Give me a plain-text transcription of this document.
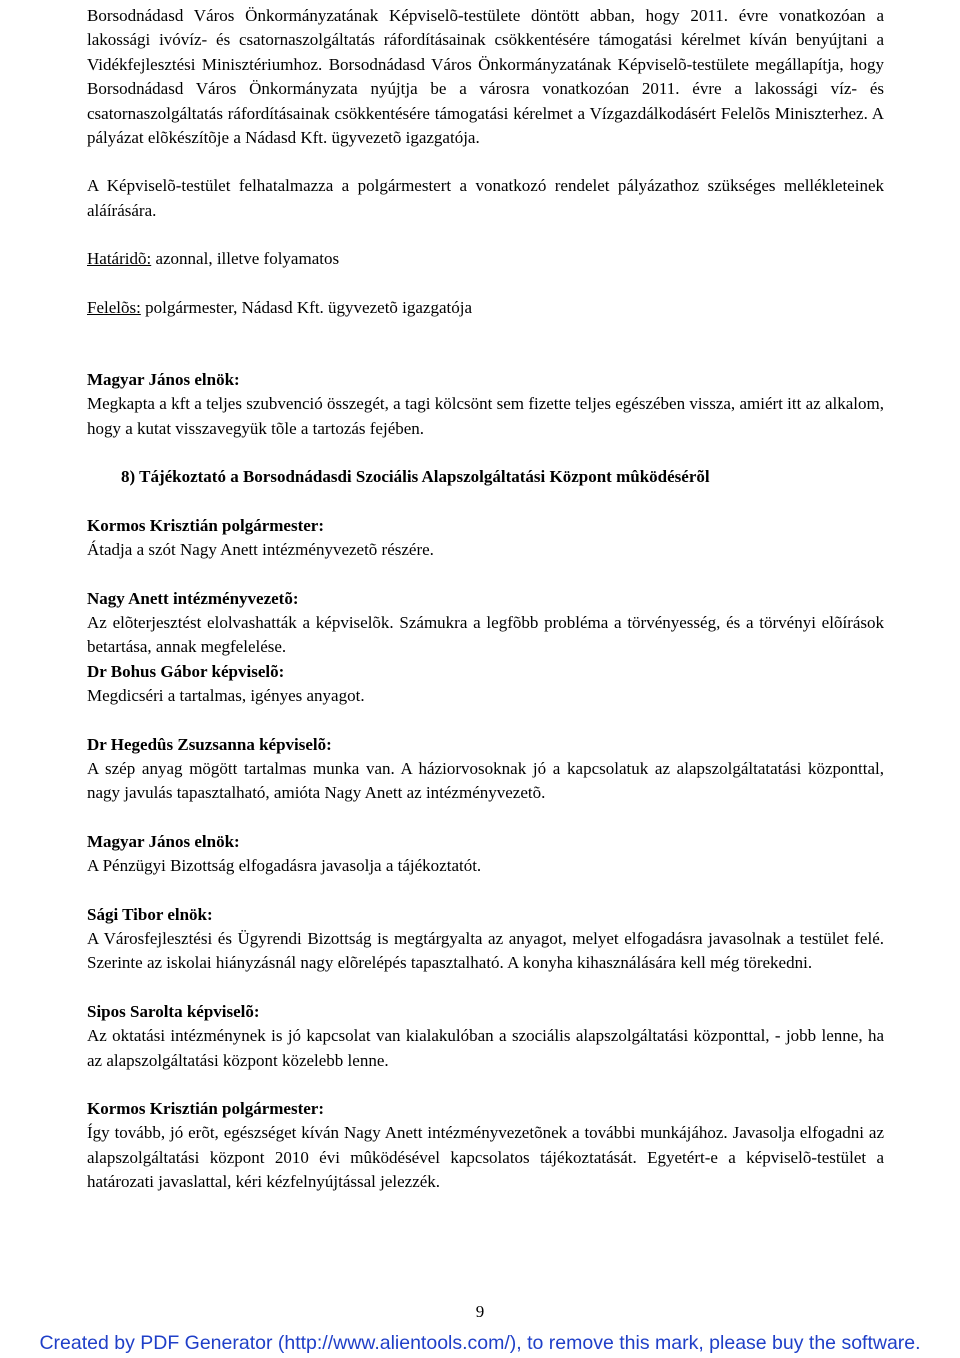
Borsodnádasd Város Önkormányzatának Képviselõ-testülete döntött abban, hogy 2011. évre vonatkozóan a lakossági ivóvíz- és csatornaszolgáltatás ráfordításainak csökkentésére támogatási kérelmet kíván benyújtani a Vidékfejlesztési Minisztériumhoz. Borsodnádasd Város Önkormányzatának Képviselõ-testülete megállapítja, hogy Borsodnádasd Város Önkormányzata nyújtja be a városra vonatkozóan 2011. évre a lakossági víz- és csatornaszolgáltatás ráfordításainak csökkentésére támogatási kérelmet a Vízgazdálkodásért Felelõs Miniszterhez. A pályázat elõkészítõje a Nádasd Kft. ügyvezetõ igazgatója.

A Képviselõ-testület felhatalmazza a polgármestert a vonatkozó rendelet pályázathoz szükséges mellékleteinek aláírására.

Határidõ: azonnal, illetve folyamatos

Felelõs: polgármester, Nádasd Kft. ügyvezetõ igazgatója

Magyar János elnök:

Megkapta a kft a teljes szubvenció összegét, a tagi kölcsönt sem fizette teljes egészében vissza, amiért itt az alkalom, hogy a kutat visszavegyük tõle a tartozás fejében.

8) Tájékoztató a Borsodnádasdi Szociális Alapszolgáltatási Központ mûködésérõl

Kormos Krisztián polgármester:

Átadja a szót Nagy Anett intézményvezetõ részére.

Nagy Anett intézményvezetõ:

Az elõterjesztést elolvashatták a képviselõk. Számukra a legfõbb probléma a törvényesség, és a törvényi elõírások betartása, annak megfelelése.

Dr Bohus Gábor képviselõ:

Megdicséri a tartalmas, igényes anyagot.

Dr Hegedûs Zsuzsanna képviselõ:

A szép anyag mögött tartalmas munka van. A háziorvosoknak jó a kapcsolatuk az alapszolgáltatatási központtal, nagy javulás tapasztalható, amióta Nagy Anett az intézményvezetõ.

Magyar János elnök:

A Pénzügyi Bizottság elfogadásra javasolja a tájékoztatót.

Sági Tibor elnök:

A Városfejlesztési és Ügyrendi Bizottság is megtárgyalta az anyagot, melyet elfogadásra javasolnak a testület felé. Szerinte az iskolai hiányzásnál nagy elõrelépés tapasztalható. A konyha kihasználására kell még törekedni.

Sipos Sarolta képviselõ:

Az oktatási intézménynek is jó kapcsolat van kialakulóban a szociális alapszolgáltatási központtal, - jobb lenne, ha az alapszolgáltatási központ közelebb lenne.

Kormos Krisztián polgármester:

Így tovább, jó erõt, egészséget kíván Nagy Anett intézményvezetõnek a további munkájához. Javasolja elfogadni az alapszolgáltatási központ 2010 évi mûködésével kapcsolatos tájékoztatását. Egyetért-e a képviselõ-testület a határozati javaslattal, kéri kézfelnyújtással jelezzék.

9
Created by PDF Generator (http://www.alientools.com/), to remove this mark, please buy the software.
